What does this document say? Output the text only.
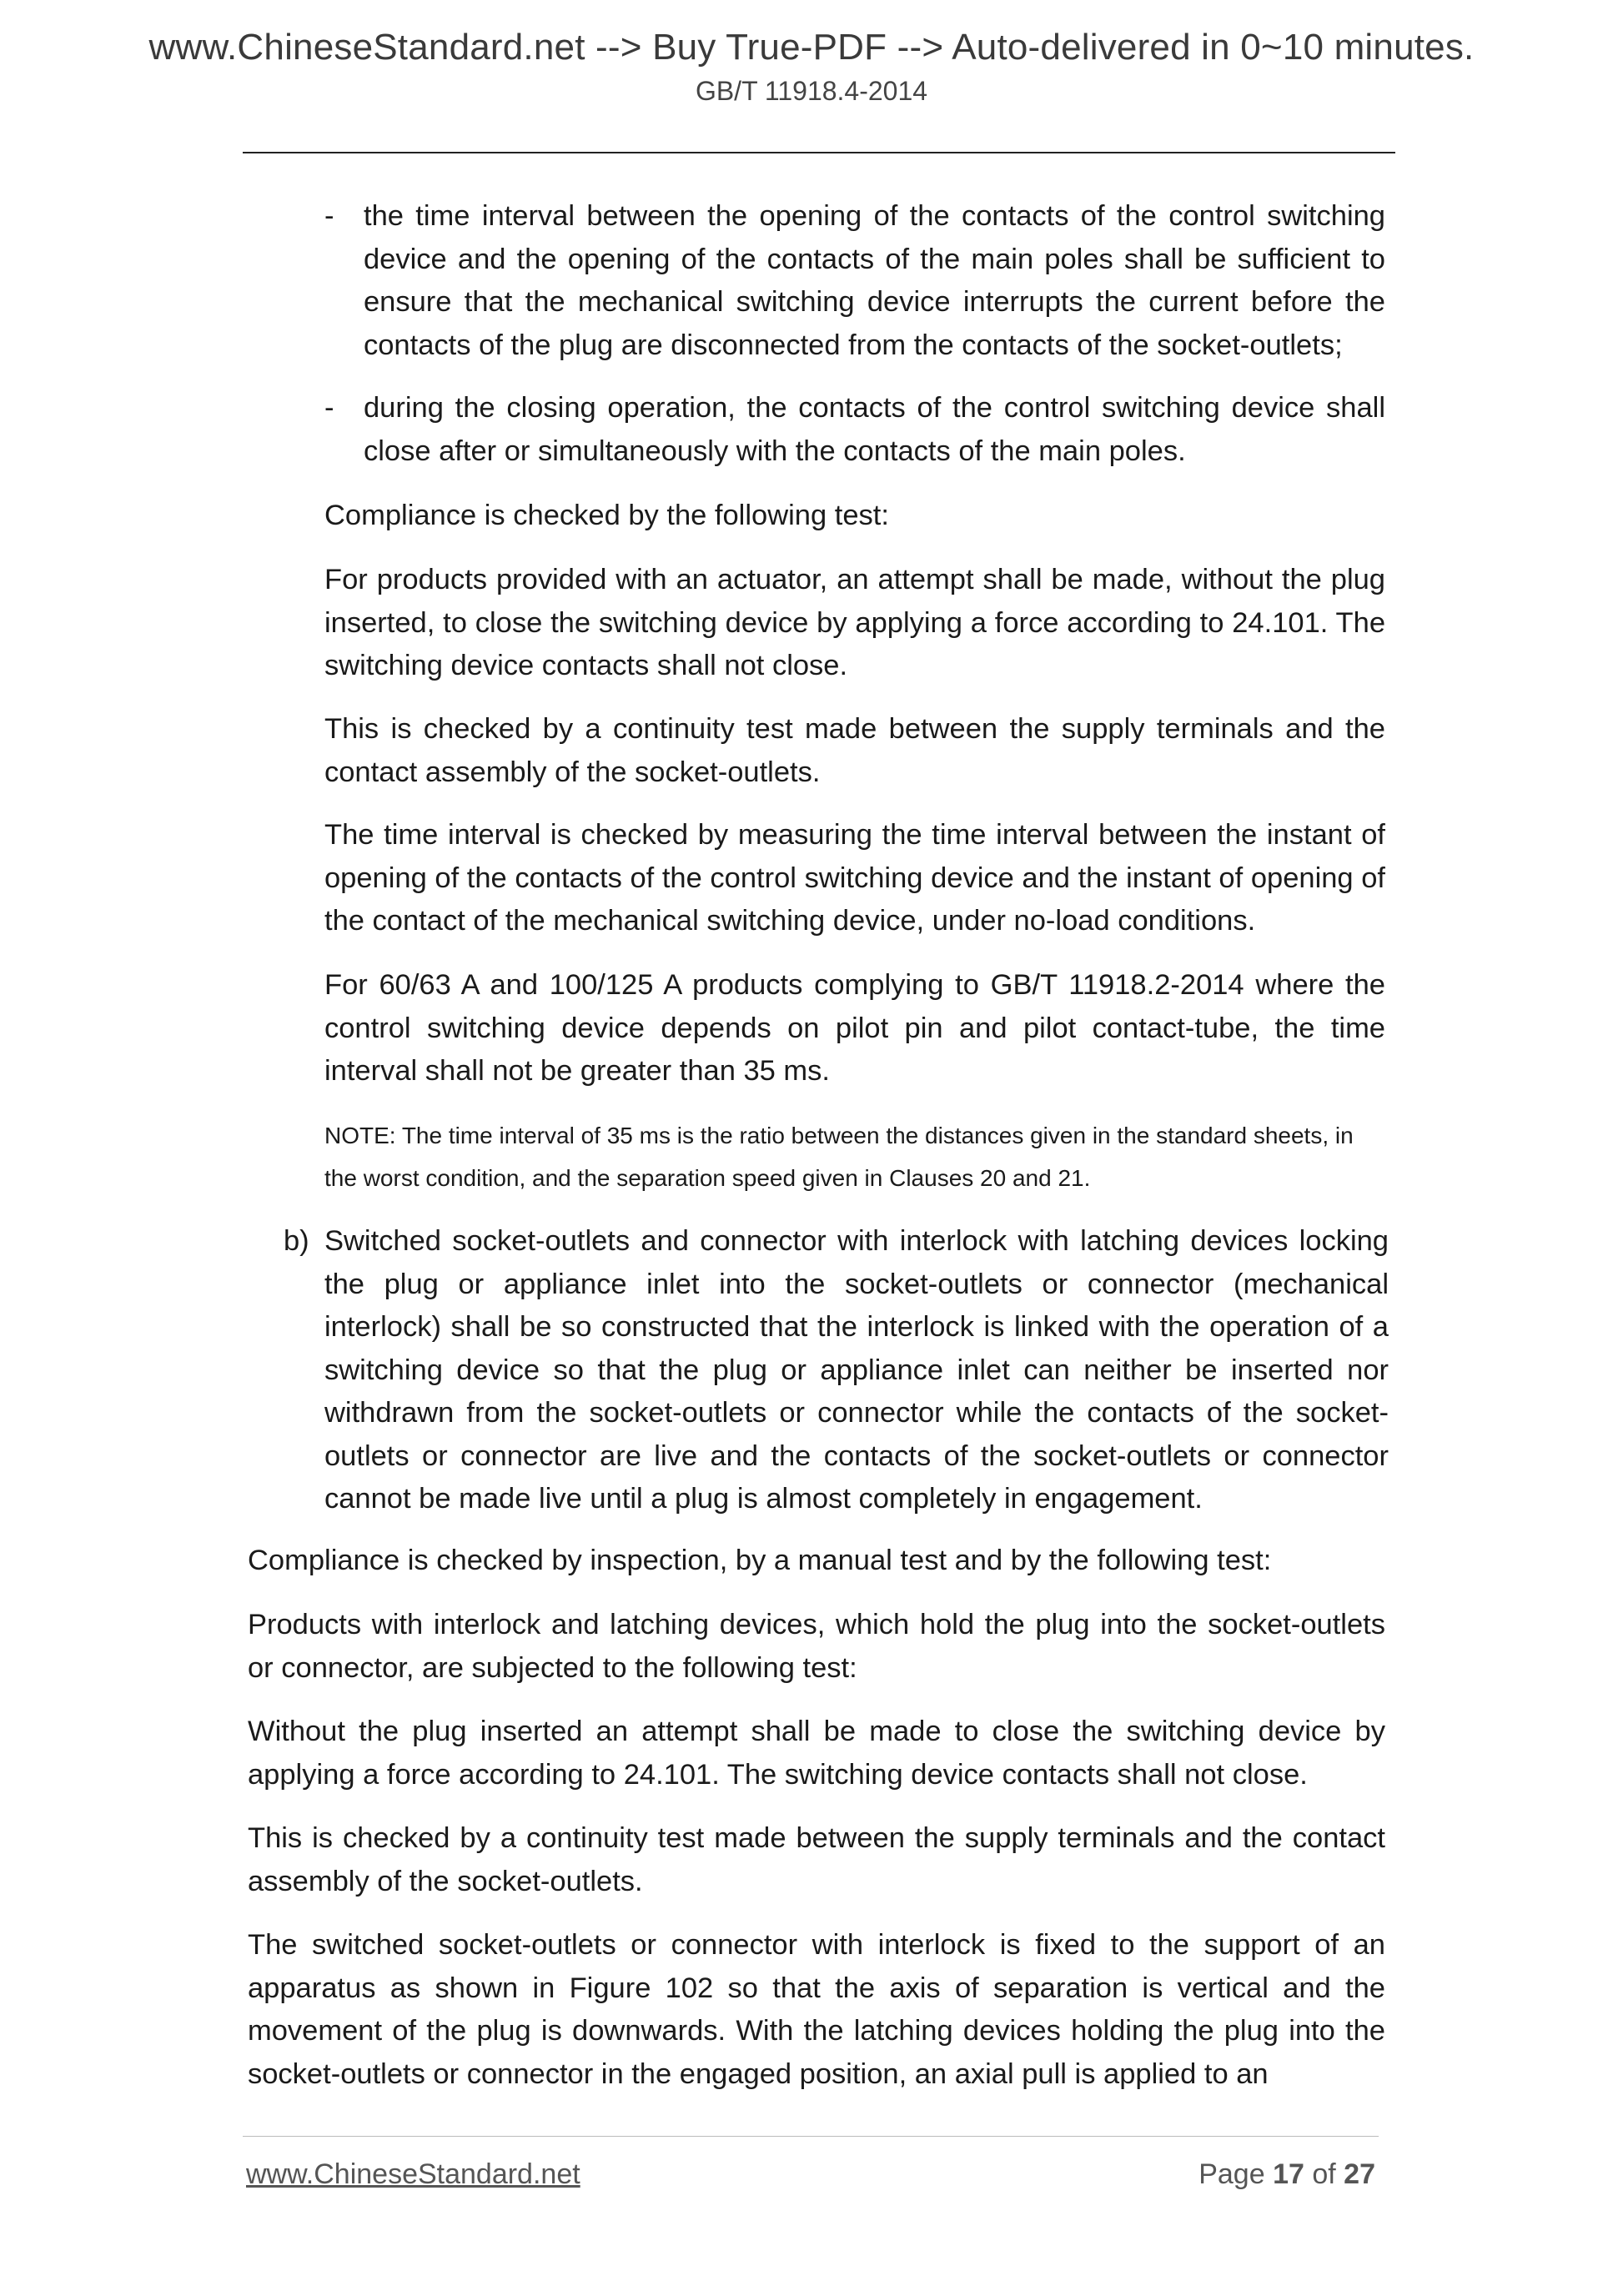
www.ChineseStandard.net --> Buy True-PDF --> Auto-delivered in 0~10 minutes.
GB/T 11918.4-2014
- the time interval between the opening of the contacts of the control switching device and the opening of the contacts of the main poles shall be sufficient to ensure that the mechanical switching device interrupts the current before the contacts of the plug are disconnected from the contacts of the socket-outlets;
- during the closing operation, the contacts of the control switching device shall close after or simultaneously with the contacts of the main poles.
Compliance is checked by the following test:
For products provided with an actuator, an attempt shall be made, without the plug inserted, to close the switching device by applying a force according to 24.101. The switching device contacts shall not close.
This is checked by a continuity test made between the supply terminals and the contact assembly of the socket-outlets.
The time interval is checked by measuring the time interval between the instant of opening of the contacts of the control switching device and the instant of opening of the contact of the mechanical switching device, under no-load conditions.
For 60/63 A and 100/125 A products complying to GB/T 11918.2-2014 where the control switching device depends on pilot pin and pilot contact-tube, the time interval shall not be greater than 35 ms.
NOTE: The time interval of 35 ms is the ratio between the distances given in the standard sheets, in the worst condition, and the separation speed given in Clauses 20 and 21.
b) Switched socket-outlets and connector with interlock with latching devices locking the plug or appliance inlet into the socket-outlets or connector (mechanical interlock) shall be so constructed that the interlock is linked with the operation of a switching device so that the plug or appliance inlet can neither be inserted nor withdrawn from the socket-outlets or connector while the contacts of the socket-outlets or connector are live and the contacts of the socket-outlets or connector cannot be made live until a plug is almost completely in engagement.
Compliance is checked by inspection, by a manual test and by the following test:
Products with interlock and latching devices, which hold the plug into the socket-outlets or connector, are subjected to the following test:
Without the plug inserted an attempt shall be made to close the switching device by applying a force according to 24.101. The switching device contacts shall not close.
This is checked by a continuity test made between the supply terminals and the contact assembly of the socket-outlets.
The switched socket-outlets or connector with interlock is fixed to the support of an apparatus as shown in Figure 102 so that the axis of separation is vertical and the movement of the plug is downwards. With the latching devices holding the plug into the socket-outlets or connector in the engaged position, an axial pull is applied to an
www.ChineseStandard.net	Page 17 of 27
